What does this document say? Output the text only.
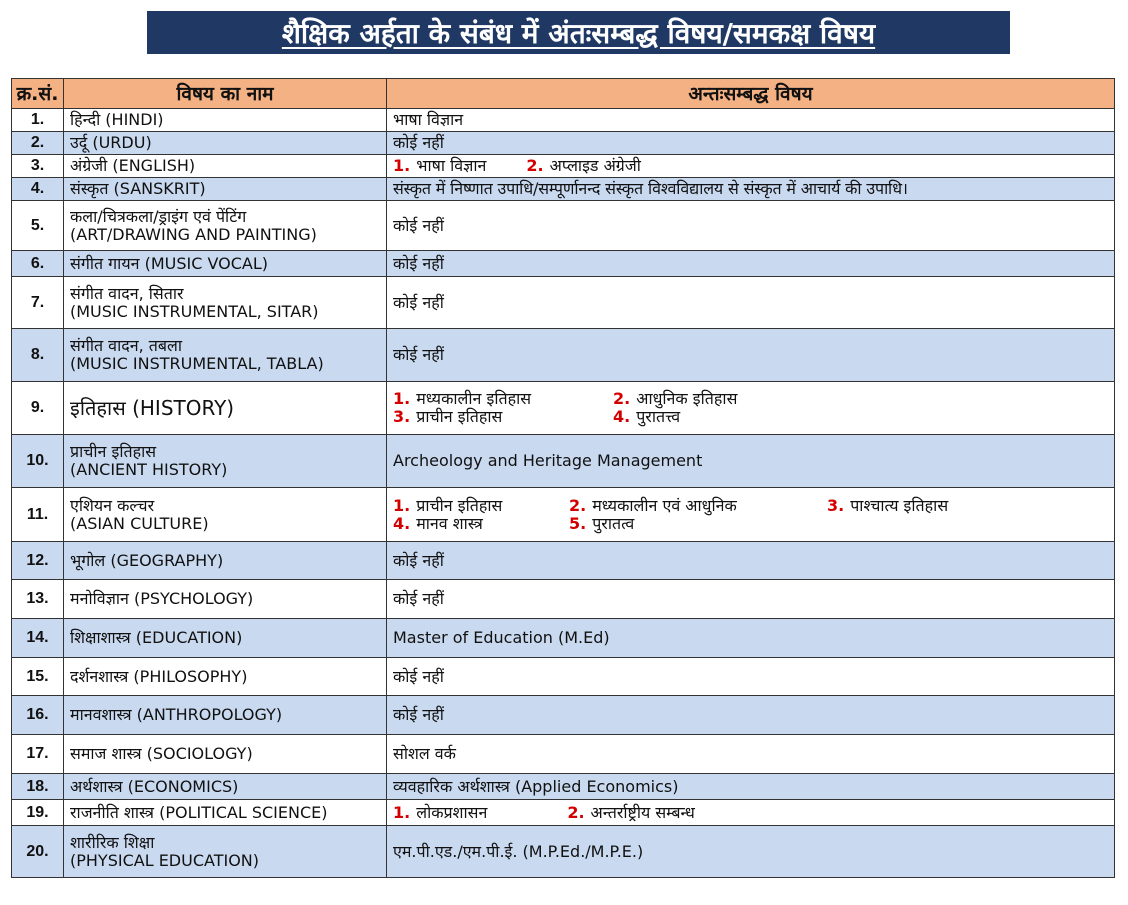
शैक्षिक अर्हता के संबंध में अंतःसम्बद्ध विषय/समकक्ष विषय
क्र.सं.	विषय का नाम	अन्तःसम्बद्ध विषय
1.	हिन्दी (HINDI)	भाषा विज्ञान
2.	उर्दू (URDU)	कोई नहीं
3.	अंग्रेजी (ENGLISH)	1. भाषा विज्ञान 2. अप्लाइड अंग्रेजी
4.	संस्कृत (SANSKRIT)	संस्कृत में निष्णात उपाधि/सम्पूर्णानन्द संस्कृत विश्वविद्यालय से संस्कृत में आचार्य की उपाधि।
5.	कला/चित्रकला/ड्राइंग एवं पेंटिंग
(ART/DRAWING AND PAINTING)	कोई नहीं
6.	संगीत गायन (MUSIC VOCAL)	कोई नहीं
7.	संगीत वादन, सितार
(MUSIC INSTRUMENTAL, SITAR)	कोई नहीं
8.	संगीत वादन, तबला
(MUSIC INSTRUMENTAL, TABLA)	कोई नहीं
9.	इतिहास (HISTORY)	1. मध्यकालीन इतिहास 2. आधुनिक इतिहास
3. प्राचीन इतिहास 4. पुरातत्त्व

10.	प्राचीन इतिहास
(ANCIENT HISTORY)	Archeology and Heritage Management
11.	एशियन कल्चर
(ASIAN CULTURE)	1. प्राचीन इतिहास 2. मध्यकालीन एवं आधुनिक 3. पाश्चात्य इतिहास
4. मानव शास्त्र 5. पुरातत्व

12.	भूगोल (GEOGRAPHY)	कोई नहीं
13.	मनोविज्ञान (PSYCHOLOGY)	कोई नहीं
14.	शिक्षाशास्त्र (EDUCATION)	Master of Education (M.Ed)
15.	दर्शनशास्त्र (PHILOSOPHY)	कोई नहीं
16.	मानवशास्त्र (ANTHROPOLOGY)	कोई नहीं
17.	समाज शास्त्र (SOCIOLOGY)	सोशल वर्क
18.	अर्थशास्त्र (ECONOMICS)	व्यवहारिक अर्थशास्त्र (Applied Economics)
19.	राजनीति शास्त्र (POLITICAL SCIENCE)	1. लोकप्रशासन 2. अन्तर्राष्ट्रीय सम्बन्ध
20.	शारीरिक शिक्षा
(PHYSICAL EDUCATION)	एम.पी.एड./एम.पी.ई. (M.P.Ed./M.P.E.)
